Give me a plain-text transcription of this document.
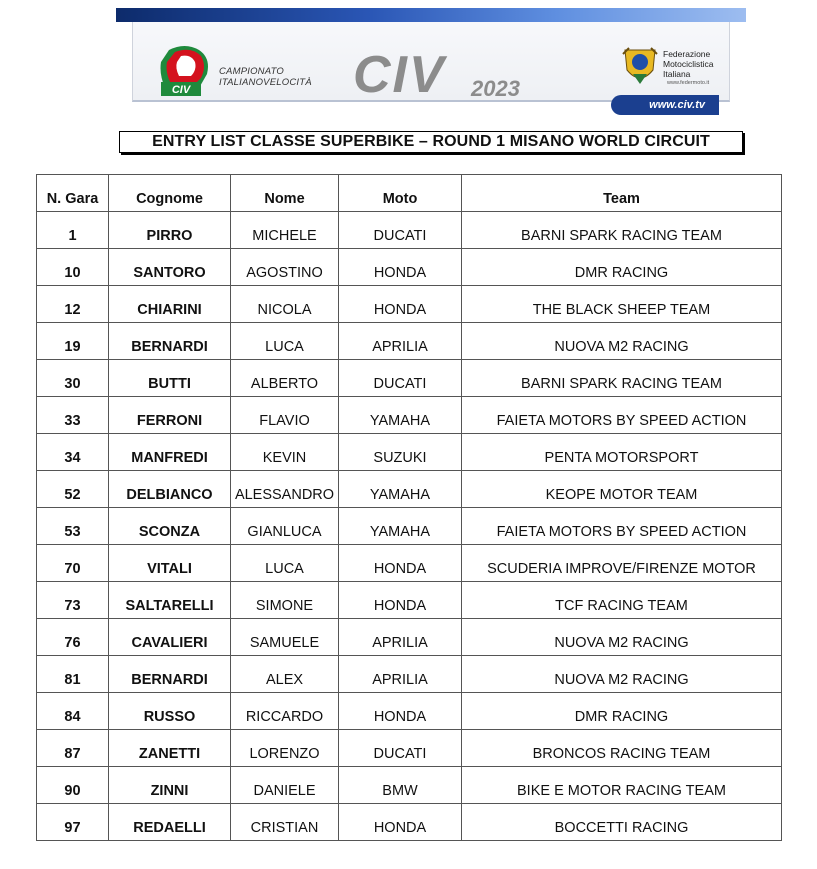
CIV
CAMPIONATO
ITALIANOVELOCITÀ CIV 2023
Federazione
Motociclistica
Italiana
www.federmoto.it
www.civ.tv
ENTRY LIST CLASSE SUPERBIKE – ROUND 1 MISANO WORLD CIRCUIT
N. Gara	Cognome	Nome	Moto	Team
1	PIRRO	MICHELE	DUCATI	BARNI SPARK RACING TEAM
10	SANTORO	AGOSTINO	HONDA	DMR RACING
12	CHIARINI	NICOLA	HONDA	THE BLACK SHEEP TEAM
19	BERNARDI	LUCA	APRILIA	NUOVA M2 RACING
30	BUTTI	ALBERTO	DUCATI	BARNI SPARK RACING TEAM
33	FERRONI	FLAVIO	YAMAHA	FAIETA MOTORS BY SPEED ACTION
34	MANFREDI	KEVIN	SUZUKI	PENTA MOTORSPORT
52	DELBIANCO	ALESSANDRO	YAMAHA	KEOPE MOTOR TEAM
53	SCONZA	GIANLUCA	YAMAHA	FAIETA MOTORS BY SPEED ACTION
70	VITALI	LUCA	HONDA	SCUDERIA IMPROVE/FIRENZE MOTOR
73	SALTARELLI	SIMONE	HONDA	TCF RACING TEAM
76	CAVALIERI	SAMUELE	APRILIA	NUOVA M2 RACING
81	BERNARDI	ALEX	APRILIA	NUOVA M2 RACING
84	RUSSO	RICCARDO	HONDA	DMR RACING
87	ZANETTI	LORENZO	DUCATI	BRONCOS RACING TEAM
90	ZINNI	DANIELE	BMW	BIKE E MOTOR RACING TEAM
97	REDAELLI	CRISTIAN	HONDA	BOCCETTI RACING
